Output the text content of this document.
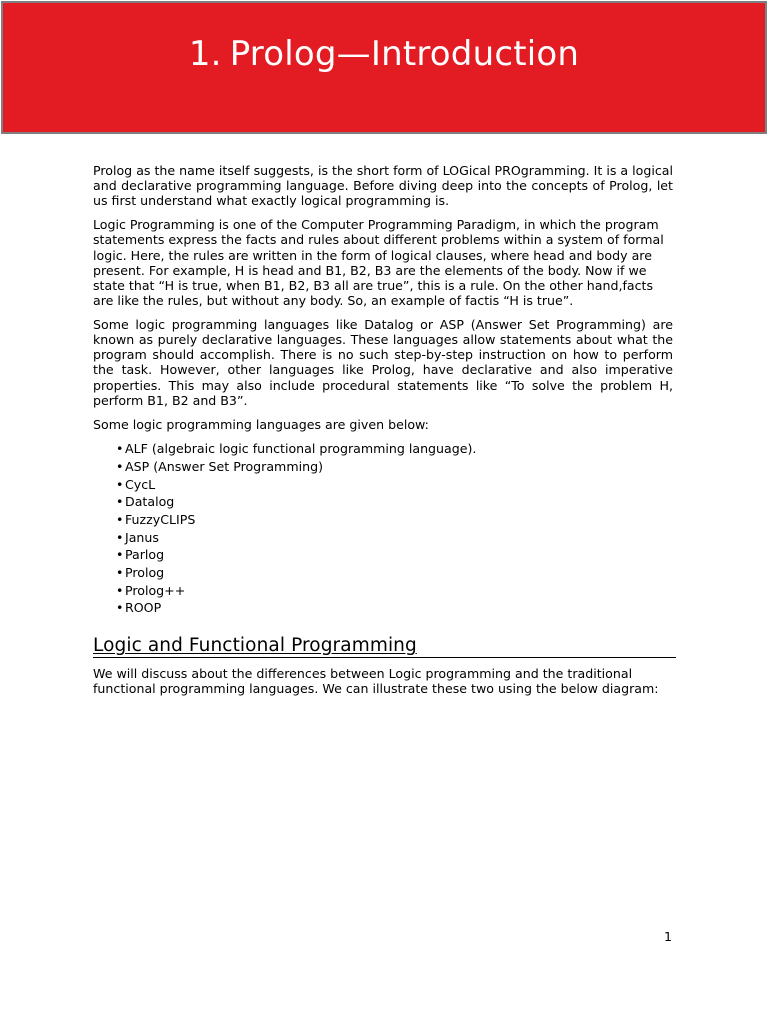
1. Prolog—Introduction

Prolog as the name itself suggests, is the short form of LOGical PROgramming. It is a logical and declarative programming language. Before diving deep into the concepts of Prolog, let us first understand what exactly logical programming is.

Logic Programming is one of the Computer Programming Paradigm, in which the program statements express the facts and rules about different problems within a system of formal logic. Here, the rules are written in the form of logical clauses, where head and body are present. For example, H is head and B1, B2, B3 are the elements of the body. Now if we state that “H is true, when B1, B2, B3 all are true”, this is a rule. On the other hand,facts are like the rules, but without any body. So, an example of factis “H is true”.

Some logic programming languages like Datalog or ASP (Answer Set Programming) are known as purely declarative languages. These languages allow statements about what the program should accomplish. There is no such step-by-step instruction on how to perform the task. However, other languages like Prolog, have declarative and also imperative properties. This may also include procedural statements like “To solve the problem H, perform B1, B2 and B3”.

Some logic programming languages are given below:

• ALF (algebraic logic functional programming language).
• ASP (Answer Set Programming)
• CycL
• Datalog
• FuzzyCLIPS
• Janus
• Parlog
• Prolog
• Prolog++
• ROOP
Logic and Functional Programming

We will discuss about the differences between Logic programming and the traditional functional programming languages. We can illustrate these two using the below diagram:

1
